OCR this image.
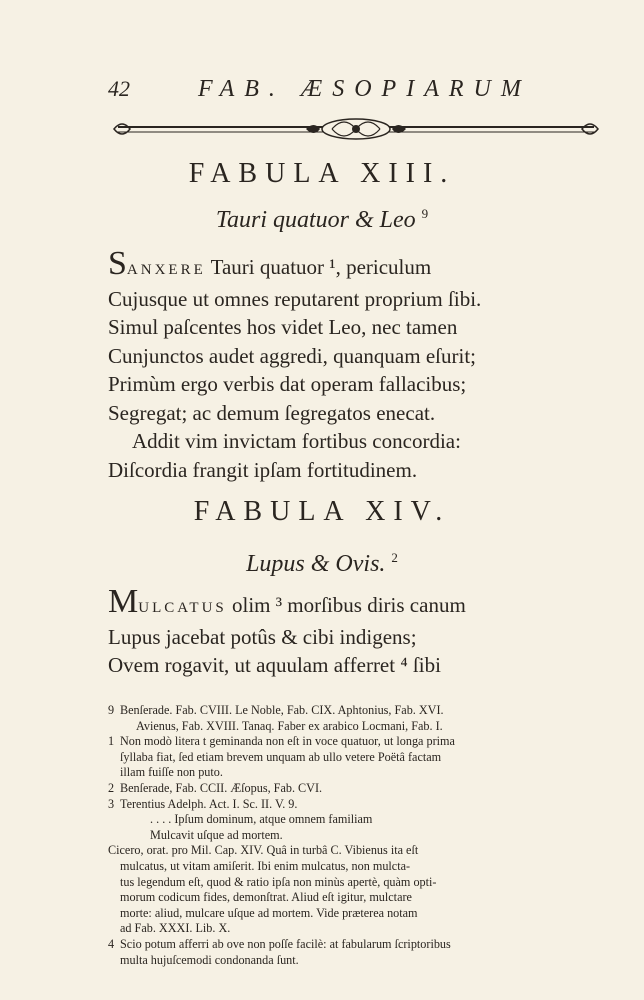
42	FAB. ÆSOPIARUM
FABULA XIII.
Tauri quatuor & Leo $^9$
SANXERE Tauri quatuor ¹, periculum
Cujusque ut omnes reputarent proprium ſibi.
Simul paſcentes hos videt Leo, nec tamen
Cunjunctos audet aggredi, quanquam eſurit;
Primùm ergo verbis dat operam fallacibus;
Segregat; ac demum ſegregatos enecat.
Addit vim invictam fortibus concordia:
Diſcordia frangit ipſam fortitudinem.
FABULA XIV.
Lupus & Ovis. $^2$
MULCATUS olim ³ morſibus diris canum
Lupus jacebat potûs & cibi indigens;
Ovem rogavit, ut aquulam afferret ⁴ ſibi
9 Benſerade. Fab. CVIII. Le Noble, Fab. CIX. Aphtonius, Fab. XVI.
Avienus, Fab. XVIII. Tanaq. Faber ex arabico Locmani, Fab. I.
1 Non modò litera t geminanda non eſt in voce quatuor, ut longa prima
ſyllaba fiat, ſed etiam brevem unquam ab ullo vetere Poëtâ factam
illam fuiſſe non puto.
2 Benſerade, Fab. CCII. Æſopus, Fab. CVI.
3 Terentius Adelph. Act. I. Sc. II. V. 9.
. . . . Ipſum dominum, atque omnem familiam
Mulcavit uſque ad mortem.
Cicero, orat. pro Mil. Cap. XIV. Quâ in turbâ C. Vibienus ita eſt
mulcatus, ut vitam amiſerit. Ibi enim mulcatus, non mulcta-
tus legendum eſt, quod & ratio ipſa non minùs apertè, quàm opti-
morum codicum fides, demonſtrat. Aliud eſt igitur, mulctare
morte: aliud, mulcare uſque ad mortem. Vide præterea notam
ad Fab. XXXI. Lib. X.
4 Scio potum afferri ab ove non poſſe facilè: at fabularum ſcriptoribus
multa hujuſcemodi condonanda ſunt.
